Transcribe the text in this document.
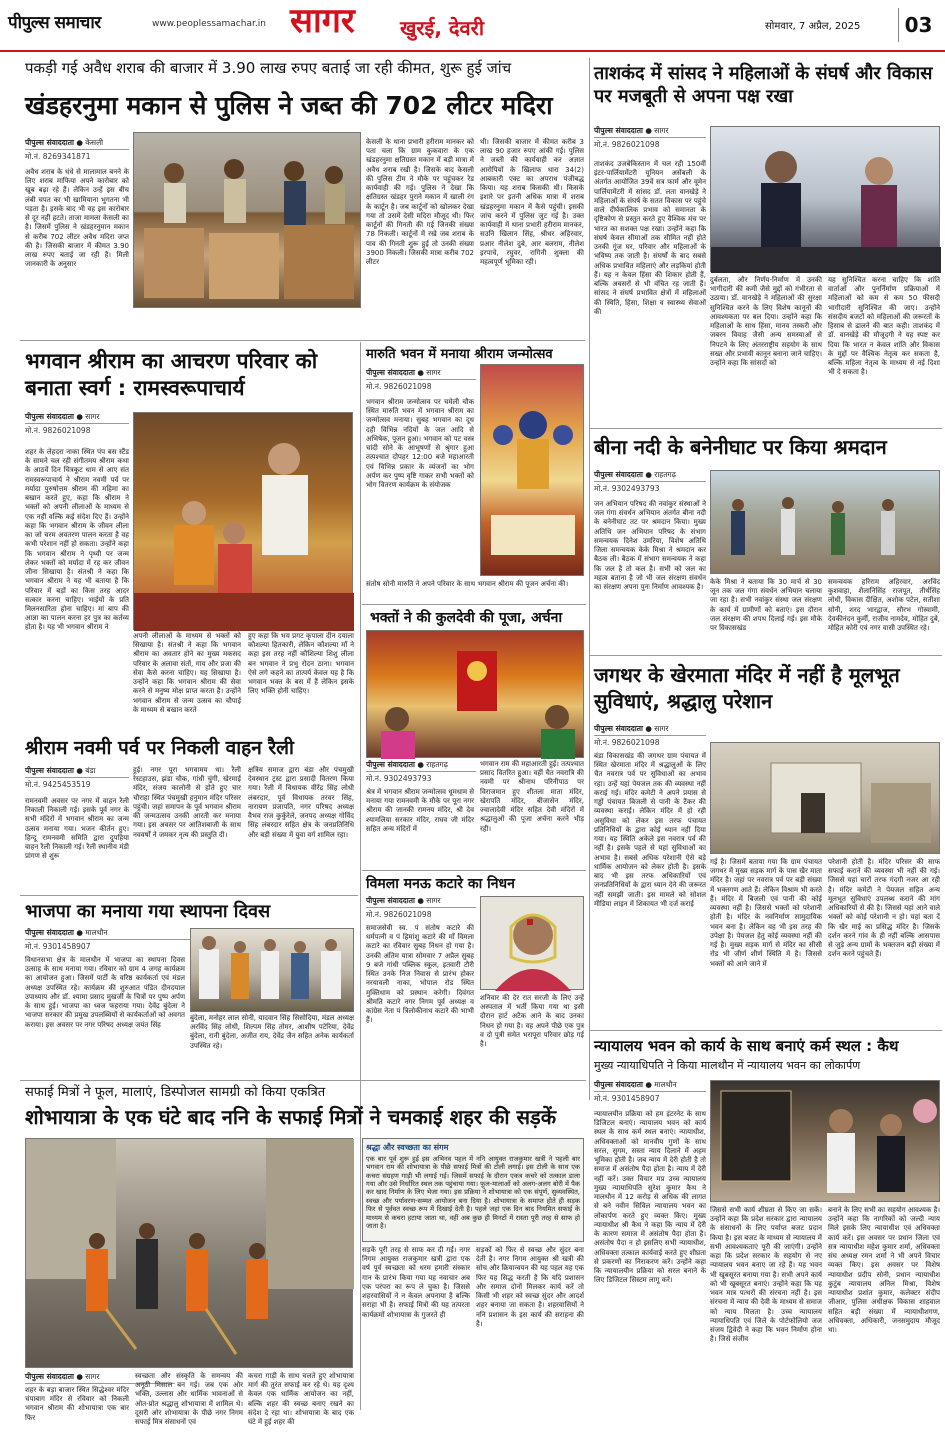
पीपुल्स समाचार	www.peoplessamachar.in सागर खुरई, देवरी	सोमवार, 7 अप्रैल, 2025	03
पकड़ी गई अवैध शराब की बाजार में 3.90 लाख रुपए बताई जा रही कीमत, शुरू हुई जांच
खंडहरनुमा मकान से पुलिस ने जब्त की 702 लीटर मदिरा
पीपुल्स संवाददाता ● केसली
मो.नं. 8269341871
अवैध शराब के धंधे से मालामाल बनने के लिए शराब माफिया अपने कारोबार को खूब बढ़ा रहे हैं। लेकिन उन्हें इस बीच लंबी चपत का भी खामियाना भुगतना भी पड़ता है। इसके बाद भी वह इस कारोबार से दूर नहीं हटते। ताजा मामला केसली का है। जिसमें पुलिस ने खंडहरनुमान मकान से करीब 702 लीटर अवैध मदिरा जप्त की है। जिसकी बाजार में कीमत 3.90 लाख रुपए बताई जा रही है। मिली जानकारी के अनुसार
केसली के थाना प्रभारी हरीराम मानकर को पता चला कि ग्राम कुकवारा के एक खंडहरनुमा क्षतिग्रस्त मकान में बड़ी मात्रा में अवैध शराब रखी है। जिसके बाद केसली की पुलिस टीम ने मौके पर पहुंचकर रेड कार्यवाही की गई। पुलिस ने देखा कि क्षतिग्रस्त खंडहर पुराने मकान में खाली रंग के कार्टून है। जब कार्टूनों को खोलकर देखा गया तो उसमें देसी मदिरा मौजूद थी। फिर कार्टूनों की गिनती की गई जिनकी संख्या 78 निकली। कार्टूनों में रखे जब शराब के पाव की गिनती शुरू हुई तो उनकी संख्या 3900 निकली। जिसकी मात्रा करीब 702 लीटर
थी। जिसकी बाजार में कीमत करीब 3 लाख 90 हजार रुपए आंकी गई। पुलिस ने जब्ती की कार्यवाही कर अज्ञात आरोपियों के खिलाफ धारा 34(2) आबकारी एक्ट का अपराध पंजीबद्ध किया। यह शराब किसकी थी। किसके इशारे पर इतनी अधिक मात्रा में शराब खंडहरनुमा मकान में कैसे पहुंची। इसकी जांच करने में पुलिस जुट गई है। उक्त कार्यवाही में थाना प्रभारी हरीराम मानकर, सउनि खिलान सिंह, श्रीधर अहिरवार, प्रआर नीलेश दुबे, आर बलराम, नीलेश इरपाचे, रघुवर, रागिनी शुक्ला की महत्वपूर्ण भूमिका रही।
भगवान श्रीराम का आचरण परिवार को बनाता स्वर्ग : रामस्वरूपाचार्य
पीपुल्स संवाददाता ● सागर
मो.नं. 9826021098
शहर के लेहदरा नाका स्थित पंप बस स्टैंड के सामने चल रही संगीतमय श्रीराम कथा के आठवें दिन चित्रकूट धाम से आए संत रामस्वरूपाचार्य ने श्रीराम नवमी पर्व पर मर्यादा पुरुषोत्तम श्रीराम की महिमा का बखान करते हुए, कहा कि श्रीराम ने भक्तों को अपनी लीलाओं के माध्यम से एक नहीं वल्कि कई संदेश दिए हैं। उन्होंने कहा कि भगवान श्रीराम के जीवन लीला का जो चरम अवतरण पालन करता है वह कभी परेशान नहीं हो सकता। उन्होंने कहा कि भगवान श्रीराम ने पृथ्वी पर जन्म लेकर भक्तों को मर्यादा में रह कर जीवन जीना सिखाया है। संतश्री ने कहा कि भगवान श्रीराम ने यह भी बताया है कि परिवार में बड़ों का किस तरह आदर सत्कार करना चाहिए। भाईयों के प्रति मिलनसारिता होना चाहिए। मां बाप की आज्ञा का पालन करना हर पुत्र का कर्तव्य होता है। यह भी भगवान श्रीराम ने
अपनी लीलाओं के माध्यम से भक्तों को सिखाया है। संतश्री ने कहा कि भगवान श्रीराम का अवतार होने का मुख्य मकसद परिवार के अलावा संतों, गाय और प्रजा की सेवा कैसे करना चाहिए। यह सिखाया है। उन्होंने कहा कि भगवान श्रीराम की सेवा करने से मनुष्य मोक्ष प्राप्त करता है। उन्होंने भगवान श्रीराम से जन्म उत्सव का चौपाई के माध्यम से बखान करते
हुए कहा कि भय प्रगट कृपाला दीन दयाला कौशल्या हितकारी, लेकिन कौशल्या माँ ने कहा इस तरह नहीं कौशिल्या शिशु लीला बन भगवान ने प्रभु रोदन ठाना। भगवान ऐसे लगे कहने का तात्पर्य केवल यह है कि भगवान भक्त के बस में हैं लेकिन इसके लिए भक्ति होनी चाहिए।
श्रीराम नवमी पर्व पर निकली वाहन रैली
पीपुल्स संवाददाता ● बंडा
मो.नं. 9425453519
रामनवमी अवसर पर नगर में वाहन रैली निकाली निकाली गई। इसके पूर्व नगर के सभी मंदिरों में भगवान श्रीराम का जन्म उत्सव मनाया गया। भजन कीर्तन हुए। हिन्दू रामनवमी समिति द्वारा दुपहिया वाहन रैली निकाली गई। रैली स्थानीय मंडी प्रांगण से शुरू
हुई। नगर पूरा भगवामय था। रैली रेस्टहाउस, झंडा चौक, गांधी चुंगी, खेरमाई मंदिर, संजय कालोनी से होते हुए चार चौराहा स्थित पंचमुखी हनुमान मंदिर परिसर पहुंची। जहां समापन के पूर्व भगवान श्रीराम की जन्मउत्सव उनकी आरती कर मनाया गया। इस अवसर पर आतिशबाजी के साथ नववर्षों ने जमकर नृत्य की प्रस्तुति दी।
क्षत्रिय समाज द्वारा बंडा और पंचमुखी देवस्थान ट्रस्ट द्वारा प्रसादी वितरण किया गया। रैली में विधायक वीरेंद्र सिंह लोधी लंबरदार, पूर्व विधायक तरवर सिंह, नारायण प्रजापति, नगर परिषद अध्यक्ष वैभव राज कुर्कुरेले, जनपद अध्यक्ष गोविंद सिंह लंबरदार सहित क्षेत्र के जनप्रतिनिधि और बड़ी संख्या में युवा वर्ग शामिल रहा।
भाजपा का मनाया गया स्थापना दिवस
पीपुल्स संवाददाता ● मालथौन
मो.नं. 9301458907
विधानसभा क्षेत्र के मालथौन में भाजपा का स्थापना दिवस उत्साह के साथ मनाया गया। रविवार को ग्राम 4 जगह कार्यक्रम का आयोजन हुआ। जिसमें पार्टी के वरिष्ठ कार्यकर्ता एवं मंडल अध्यक्ष उपस्थित रहे। कार्यक्रम की शुरुआत पंडित दीनदयाल उपाध्याय और डॉ. श्यामा प्रसाद मुखर्जी के चित्रों पर पुष्प अर्पण के साथ हुई। भाजपा का ध्वज फहराया गया। देवेंद्र बुंदेला ने भाजपा सरकार की प्रमुख उपलब्धियों से कार्यकर्ताओं को अवगत कराया। इस अवसर पर नगर परिषद अध्यक्ष जयंत सिंह
बुंदेला, मनोहर लाल सोनी, यादवान सिंह सिसोदिया, मंडल अध्यक्ष अरविंद सिंह लोधी, शिल्पम सिंह तोमर, आशीष पटेरिया, देवेंद्र बुंदेला, रानी बुंदेला, अजीत राय, देवेंद्र जैन सहित अनेक कार्यकर्ता उपस्थित रहे।
मारुति भवन में मनाया श्रीराम जन्मोत्सव
पीपुल्स संवाददाता ● सागर
मो.नं. 9826021098
भगवान श्रीराम जन्मोत्सव पर चमेली चौक स्थित मारुति भवन में भगवान श्रीराम का जन्मोत्सव मनाया। सुबह भगवान का दूध दही विभिन्न नदियों के जल आदि से अभिषेक, पूजन हुआ। भगवान को पट वस्त्र चांदी सोने के आभूषणों से श्रृंगार हुआ तत्पश्चात दोपहर 12:00 बजे महाआरती एवं विभिन्न प्रकार के व्यंजनों का भोग अर्पण कर पुष्प वृष्टि गाकर सभी भक्तों को भोग वितरण कार्यक्रम के संयोजक
संतोष सोनी मारुति ने अपने परिवार के साथ भगवान श्रीराम की पूजन अर्चना की।
भक्तों ने की कुलदेवी की पूजा, अर्चना
पीपुल्स संवाददाता ● राहतगढ़
मो.नं. 9302493793
श्रेत्र में भगवान श्रीराम जन्मोत्सव धूमधाम से मनाया गया रामनवमी के मौके पर पूरा नगर श्रीराम की जानकी रामनय मंदिर, श्री देव श्यामलिया सरकार मंदिर, राघव जी मंदिर सहित अन्य मंदिरों में
भगवान राम की महाआरती हुई। तत्पश्चात प्रसाद वितरित हुआ। वहीं चैत नवरात्रि की नवमी पर श्रीनाथ परिनीपाठ पर विराजमान हुए शीतला माता मंदिर, खेरापति मंदिर, बीजासेन मंदिर, ज्वालादेवी मंदिर सहित देवी मंदिरों में श्रद्धालुओं की पूजा अर्चना करने भीड़ रही।
विमला मनऊ कटारे का निधन
पीपुल्स संवाददाता ● सागर
मो.नं. 9826021098
समाजसेवी स्व. पं संतोष कटारे की धर्मपत्नी व पं हिमांशु कटारे की माँ विमला कटारे का रविवार सुबह निधन हो गया है। उनकी अंतिम यात्रा सोमवार 7 अप्रैल सुबह 9 बजे गांधी पब्लिक स्कूल, इतवारी टौरी स्थित उनके निज निवास से प्रारंभ होकर नरयावली नाका, भोपाल रोड स्थित मुक्तिधाम को प्रस्थान करेगी। दिवंगत श्रीमति कटारे नगर निगम पूर्व अध्यक्ष व कांग्रेस नेता पं त्रिलोकीनाथ कटारे की भाभी हैं।
शनिवार की देर रात सरजी के लिए उन्हें अस्पताल में भर्ती किया गया था इसी दौरान हार्ट अटैक आने के बाद उनका निधन हो गया है। वह अपने पीछे एक पुत्र व दो पुत्री समेत भरापूरा परिवार छोड़ गई है।
ताशकंद में सांसद ने महिलाओं के संघर्ष और विकास पर मजबूती से अपना पक्ष रखा
पीपुल्स संवाददाता ● सागर
मो.नं. 9826021098
ताशकंद उजबेकिस्तान में चल रही 150वीं इंटर-पार्लियामेंटरी यूनियन असेंबली के अंतर्गत आयोजित 39वें सत्र फार्म और वूमेन पार्लियामेंटरी में सांसद डॉ. लता वानखेड़े ने महिलाओं के संघर्ष के सतत विकास पर पहुंचे वाले दीर्घकालिक प्रभाव को समानता के दृष्टिकोण से प्रस्तुत करते हुए वैश्विक मंच पर भारत का सशक्त पक्ष रखा। उन्होंने कहा कि संघर्ष केवल सीमाओं तक सीमित नहीं होते उनकी गूंज घर, परिवार और महिलाओं के भविष्य तक जाती है। संघर्षों के बाद सबसे अधिक प्रभावित महिलाएं और लड़कियां होती हैं। यह न केवल हिंसा की शिकार होती हैं, बल्कि अवसरों से भी वंचित रह जाती हैं। सांसद ने संघर्ष प्रभावित क्षेत्रों में महिलाओं की स्थिति, हिंसा, शिक्षा व स्वास्थ्य सेवाओं की
दुर्बलता, और निर्णय-निर्माण में उनकी भागीदारी की कमी जैसे मुद्दों को गंभीरता से उठाया। डॉ. वानखेड़े ने महिलाओं की सुरक्षा सुनिश्चित करने के लिए विशेष कानूनों की आवश्यकता पर बल दिया। उन्होंने कहा कि महिलाओं के साथ हिंसा, मानव तस्करी और जबरन विवाह जैसी अन्य समस्याओं से निपटने के लिए अंतरराष्ट्रीय सहयोग के साथ सख्त और प्रभावी कानून बनाना जाने चाहिए। उन्होंने कहा कि सांसदों को
यह सुनिश्चित करना चाहिए कि शांति वार्ताओं और पुनर्निर्माण प्रक्रियाओं में महिलाओं को कम से कम 50 फीसदी भागीदारी सुनिश्चित की जाए। उन्होंने संसदीय बजटों को महिलाओं की जरूरतों के हिसाब से ढालने की बात कही। ताशकंद में डॉ. वानखेड़े की मौजूदगी ने यह स्पष्ट कर दिया कि भारत न केवल शांति और विकास के मुद्दों पर वैश्विक नेतृत्व कर सकता है, बल्कि महिला नेतृत्व के माध्यम से नई दिशा भी दे सकता है।
बीना नदी के बनेनीघाट पर किया श्रमदान
पीपुल्स संवाददाता ● राहतगढ़
मो.नं. 9302493793
जन अभियान परिषद की नवांकुर संस्थाओं ने जल गंगा संवर्धन अभियान अंतर्गत बीना नदी के बनेनीघाट तट पर श्रमदान किया। मुख्य अतिथि जन अभियान परिषद के संभाग समन्वयक दिनेश उमरिया, विशेष अतिथि जिला समन्वयक केके मिश्रा ने श्रमदान कर बैठक ली। बैठक में संभाग समन्वयक ने कहा कि जल है तो कल है। सभी को जल का महत्व बताना है जो भी जल संरक्षण संवर्धन का संरक्षण अपना पुनः निर्माण आवश्यक है।
केके मिश्रा ने बताया कि 30 मार्च से 30 जून तक जल गंगा संवर्धन अभियान चलाया जा रहा है। सभी नवांकुर संस्था जल संरक्षण के कार्य में ग्रामीणों को बताएं। इस दौरान जल संरक्षण की शपथ दिलाई गई। इस मौके पर विकासखंड
समन्वयक हरिराम अहिरवार, अरविंद कुशवाहा, शैलानिसिंह राजपूत, तीर्थसिंह लोधी, विकास दीक्षित, अशोक पटेल, सतीशा सोनी, शरद भारद्वाज, सौरभ गोस्वामी, देवकीनंदन कुर्मी, राजीव नामदेव, मोहित दुबे, मोहित कोरी एवं नगर वासी उपस्थित रहे।
जगथर के खेरमाता मंदिर में नहीं है मूलभूत सुविधाएं, श्रद्धालु परेशान
पीपुल्स संवाददाता ● सागर
मो.नं. 9826021098
बंडा विकासखंड की जगथर ग्राम पंचायत में स्थित खेरमाता मंदिर में श्रद्धालुओं के लिए चैत नवरात्र पर्व पर सुविधाओं का अभाव रहा। उन्हें यहां पेयजल तक की व्यवस्था नहीं कराई गई। मंदिर कमेटी ने अपने प्रयास से गड्ढों पंचायत बिजली से पानी के टैंकर की व्यवस्था कराई। लेकिन मंदिर में हो रही असुविधा को लेकर इस तरफ पंचायत प्रतिनिधियों के द्वारा कोई ध्यान नहीं दिया गया। यह स्थिति अकेले इस नवरात्र पर्व की नहीं है। इसके पहले से यहां सुविधाओं का अभाव है। सबसे अधिक परेशानी ऐसे बड़े धार्मिक आयोजन को लेकर होती है। इसके बाद भी इस तरफ अधिकारियों एवं जनप्रतिनिधियों के द्वारा ध्यान देने की जरूरत नहीं समझी जाती। इस मामले को सोशल मीडिया लाइन में शिकायत भी दर्ज कराई
गई है। जिसमें बताया गया कि ग्राम पंचायत जगथर में मुख्य सड़क मार्ग के पास खैर माता मंदिर है। जहां पर नवरात्र पर्व पर बड़ी संख्या में भक्तगण आते हैं। लेकिन विश्राम भी करते हैं। मंदिर में बिजली एवं पानी की कोई व्यवस्था नहीं है। जिससे भक्तों को परेशानी होती है। मंदिर के नवनिर्माण सामुदायिक भवन बना है। लेकिन वह भी इस तरह की उपेक्षा है। पेयजल हेतु कोई व्यवस्था नहीं की गई है। मुख्य सड़क मार्ग से मंदिर का सीसी रोड भी जीर्ण शीर्ण स्थिति में है। जिससे भक्तों को आने जाने में
परेशानी होती है। मंदिर परिसर की साफ सफाई कराने की व्यवस्था भी नहीं की गई। जिससे यहां चारों तरफ गंदगी नजर आ रही है। मंदिर कमेटी ने पेयजल सहित अन्य मूलभूत सुविधाएं उपलब्ध कराने की मांग अधिकारियों से की है। जिससे यहां आने वाले भक्तों को कोई परेशानी न हो। यहां बता दें कि खैर माई का प्रसिद्ध मंदिर है। जिसके दर्शन करने गांव के ही नहीं बल्कि आसपास से जुड़े अन्य ग्रामों के भक्तजन बड़ी संख्या में दर्शन करने पहुंचते हैं।
न्यायालय भवन को कार्य के साथ बनाएं कर्म स्थल : कैथ
मुख्य न्यायाधिपति ने किया मालथौन में न्यायालय भवन का लोकार्पण
पीपुल्स संवाददाता ● मालथौन
मो.नं. 9301458907
न्यायालयीन प्रक्रिया को हम इंटरनेट के साथ डिजिटल बनाएं। न्यायालय भवन को कार्य स्थल के साथ कर्म स्थल बनाएं। न्यायाधीश, अधिवक्ताओं को मानवीय गुणों के साथ सरल, सुगम, सस्ता न्याय दिलाने में अहम भूमिका होती है। जब न्याय में देरी होती है तो समाज में असंतोष पैदा होता है। न्याय में देरी नहीं करें। उक्त विचार मप्र उच्च न्यायालय मुख्य न्यायाधिपति सुरेश कुमार कैथ ने मालथौन में 12 करोड़ से अधिक की लागत से बने नवीन सिविल न्यायालय भवन का लोकार्पण करते हुए व्यक्त किए। मुख्य न्यायाधीश श्री कैथ ने कहा कि न्याय में देरी के कारण समाज में असंतोष पैदा होता है। असंतोष पैदा न हो इसलिए सभी न्यायाधीश, अधिवक्ता तत्काल कार्यवाई करते हुए शीघ्रता से प्रकरणों का निराकरण करें। उन्होंने कहा कि न्यायालयीन प्रक्रिया को सरल बनाने के लिए डिजिटल सिस्टम लागू करें।
जिससे सभी कार्य शीघ्रता से किए जा सकें। उन्होंने कहा कि प्रदेश सरकार द्वारा न्यायालय के संसाधनों के लिए पर्याप्त बजट प्रदान किया है। इस बजट के माध्यम से न्यायालय में सभी आवश्यकताएं पूरी की जाएंगी। उन्होंने कहा कि प्रदेश सरकार के सहयोग से नए न्यायालय भवन बनाए जा रहे हैं। यह भवन भी खूबसूरत बनाया गया है। सभी अपने कार्य को भी खूबसूरत बनाएं। उन्होंने कहा कि यह भवन मात्र पत्थरों की संरचना नहीं है। इस संरचना में न्याय की देवी के माध्यम से समाज को न्याय मिलता है। उच्च न्यायालय न्यायाधिपति एवं जिले के पोर्टफोलियो जज संजय द्विवेदी ने कहा कि भवन निर्माण होना है। जिसे संजीव
बनाने के लिए सभी का सहयोग आवश्यक है। उन्होंने कहा कि नागरिकों को जल्दी न्याय मिले इसके लिए न्यायाधीश एवं अधिवक्ता कार्य करें। इस अवसर पर प्रधान जिला एवं सत्र न्यायाधीश महेश कुमार शर्मा, अधिवक्ता संघ अध्यक्ष रमन शर्मा ने भी अपने विचार व्यक्त किए। इस अवसर पर विशेष न्यायाधीश प्रदीप सोनी, प्रधान न्यायाधीश कुटुंब न्यायालय अनिल मिश्रा, विशेष न्यायाधीश प्रशांत कुमार, कलेक्टर संदीप जीआर, पुलिस अधीक्षक विकास शाहवाल सहित बड़ी संख्या में न्यायाधीशगण, अधिवक्ता, अधिकारी, जनसमुदाय मौजूद था।
सफाई मित्रों ने फूल, मालाएं, डिस्पोजल सामग्री को किया एकत्रित
शोभायात्रा के एक घंटे बाद ननि के सफाई मित्रों ने चमकाई शहर की सड़कें
पीपुल्स संवाददाता ● सागर
शहर के बड़ा बाजार स्थित सिद्धेश्वर मंदिर चंपाबाग मंदिर से रविवार को निकली भगवान श्रीराम की शोभायात्रा एक बार फिर
स्वच्छता और संस्कृति के समन्वय की अनूठी मिसाल बन गई। जब एक ओर भक्ति, उल्लास और धार्मिक भावनाओं से ओत-प्रोत श्रद्धालु शोभायात्रा में शामिल थे। दूसरी ओर शोभायात्रा के पीछे नगर निगम सफाई मित्र संसाधनों एवं
कचरा गाड़ी के साथ चलते हुए शोभायात्रा मार्ग की तुरंत सफाई कर रहे थे। यह दृश्य केवल एक धार्मिक आयोजन का नहीं, बल्कि शहर की स्वच्छ बनाए रखने का संदेश दे रहा था। शोभायात्रा के बाद एक घंटे में हुई शहर की
श्रद्धा और स्वच्छता का संगम
एक बार पूर्व शुरू हुई इस अभिनव पहल में ननि आयुक्त राजकुमार खत्री ने पहली बार भगवान राम की शोभायात्रा के पीछे सफाई मित्रों की टोली लगाई। इस टोली के साथ एक कचरा संग्रहण गाड़ी भी लगाई गई। जिसमें सफाई के दौरान एकत्र कचरे को तत्काल डाला गया और उसे निर्धारित स्थल तक पहुंचाया गया। फूल-मालाओं को अलग-अलग बोरी में पैक कर खाद निर्माण के लिए भेजा गया। इस प्रक्रिया ने शोभायात्रा को एक संपूर्ण, सुव्यवस्थित, स्वच्छ और पर्यावरण-सम्मत आयोजन बना दिया है। शोभायात्रा के समाप्त होते ही सड़क फिर से पूर्ववत स्वच्छ रूप में दिखाई देती है। पहले जहां एक दिन बाद नियमित सफाई के माध्यम से कचरा हटाया जाता था, वहीं अब कुछ ही मिनटों में रास्ता पूरी तरह से साफ हो जाता है।
सड़कें पूरी तरह से साफ कर दी गईं। नगर निगम आयुक्त राजकुमार खत्री द्वारा एक वर्ष पूर्व स्वच्छता को धरम हमारी संस्कार गान के प्रारंभ किया गया यह नवाचार अब एक परंपरा का रूप ले चुका है। जिससे शहरवासियों ने न केवल अपनाया है बल्कि सराहा भी है। सफाई मित्रों की यह तत्परता कार्यक्रमों शोभायात्रा के गुजरते ही
सड़कों को फिर से स्वच्छ और सुंदर बना देती है। नगर निगम आयुक्त श्री खत्री की सोच और क्रियान्वयन की यह पहल यह एक फिर यह सिद्ध करती है कि यदि प्रशासन और समाज दोनों मिलकर कार्य करें तो किसी भी शहर को स्वच्छ सुंदर और आदर्श शहर बनाया जा सकता है। शहरवासियों ने ननि प्रशासन के इस कार्य की सराहना की है।
